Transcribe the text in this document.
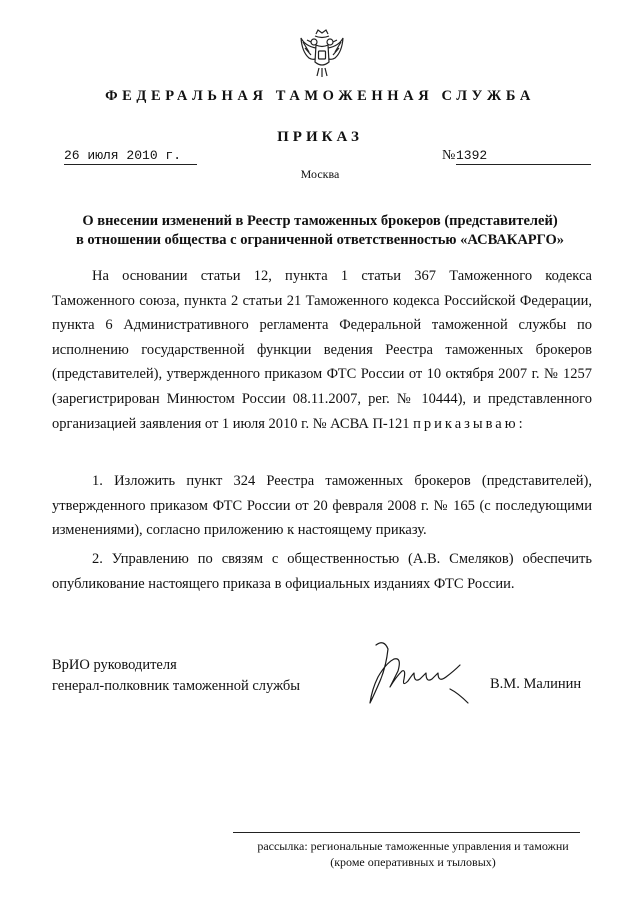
ФЕДЕРАЛЬНАЯ ТАМОЖЕННАЯ СЛУЖБА
ПРИКАЗ
26 июля 2010 г.	№ 1392
Москва
О внесении изменений в Реестр таможенных брокеров (представителей)
в отношении общества с ограниченной ответственностью «АСВАКАРГО»

На основании статьи 12, пункта 1 статьи 367 Таможенного кодекса Таможенного союза, пункта 2 статьи 21 Таможенного кодекса Российской Федерации, пункта 6 Административного регламента Федеральной таможенной службы по исполнению государственной функции ведения Реестра таможенных брокеров (представителей), утвержденного приказом ФТС России от 10 октября 2007 г. № 1257 (зарегистрирован Минюстом России 08.11.2007, рег. № 10444), и представленного организацией заявления от 1 июля 2010 г. № АСВА П-121 приказываю:

1. Изложить пункт 324 Реестра таможенных брокеров (представителей), утвержденного приказом ФТС России от 20 февраля 2008 г. № 165 (с последующими изменениями), согласно приложению к настоящему приказу.

2. Управлению по связям с общественностью (А.В. Смеляков) обеспечить опубликование настоящего приказа в официальных изданиях ФТС России.

ВрИО руководителя
генерал-полковник таможенной службы	В.М. Малинин
рассылка: региональные таможенные управления и таможни
(кроме оперативных и тыловых)
